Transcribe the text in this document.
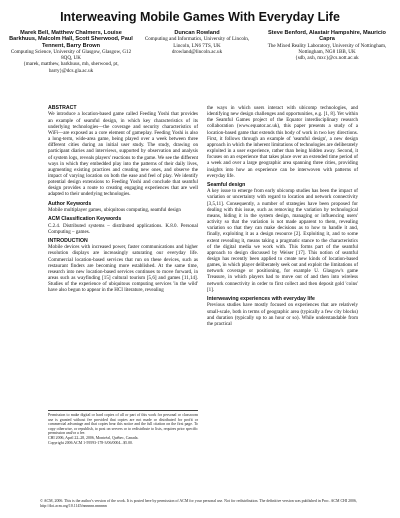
Interweaving Mobile Games With Everyday Life
Marek Bell, Matthew Chalmers, Louise Barkhuus, Malcolm Hall, Scott Sherwood, Paul Tennent, Barry Brown
Computing Science, University of Glasgow, Glasgow, G12 8QQ, UK
{marek, matthew, barkhuus, mh, sherwood, pt, barry}@dcs.gla.ac.uk
Duncan Rowland
Computing and Informatics, University of Lincoln, Lincoln, LN6 7TS, UK
drowland@lincoln.ac.uk
Steve Benford, Alastair Hampshire, Mauricio Capra
The Mixed Reality Laboratory, University of Nottingham, Nottingham, NG8 1BB, UK
{sdb, axh, mxc}@cs.nott.ac.uk
ABSTRACT

We introduce a location-based game called Feeding Yoshi that provides an example of seamful design, in which key characteristics of its underlying technologies—the coverage and security characteristics of WiFi—are exposed as a core element of gameplay. Feeding Yoshi is also a long-term, wide-area game, being played over a week between three different cities during an initial user study. The study, drawing on participant diaries and interviews, supported by observation and analysis of system logs, reveals players' reactions to the game. We see the different ways in which they embedded play into the patterns of their daily lives, augmenting existing practices and creating new ones, and observe the impact of varying location on both the ease and feel of play. We identify potential design extensions to Feeding Yoshi and conclude that seamful design provides a route to creating engaging experiences that are well adapted to their underlying technologies.

Author Keywords

Mobile multiplayer games, ubiquitous computing, seamful design

ACM Classification Keywords

C.2.4. Distributed systems – distributed applications. K.8.0. Personal Computing – games.

INTRODUCTION

Mobile devices with increased power, faster communications and higher resolution displays are increasingly saturating our everyday life. Commercial location-based services that run on these devices, such as restaurant finders are becoming more established. At the same time, research into new location-based services continues to move forward, in areas such as wayfinding [15] cultural tourism [5,6] and games [11,14]. Studies of the experience of ubiquitous computing services 'in the wild' have also begun to appear in the HCI literature, revealing

Permission to make digital or hard copies of all or part of this work for personal or classroom use is granted without fee provided that copies are not made or distributed for profit or commercial advantage and that copies bear this notice and the full citation on the first page. To copy otherwise, or republish, to post on servers or to redistribute to lists, requires prior specific permission and/or a fee.

CHI 2006, April 22–28, 2006, Montréal, Québec, Canada.

Copyright 2006 ACM 1-59593-178-3/06/0004...$5.00.

the ways in which users interact with ubicomp technologies, and identifying new design challenges and opportunities, e.g. [1, 8]. Yet within the Seamful Games project of the Equator interdisciplinary research collaboration (www.equator.ac.uk), this paper presents a study of a location-based game that extends this body of work in two key directions. First, it follows through an example of 'seamful design', a new design approach in which the inherent limitations of technologies are deliberately exploited in a user experience, rather than being hidden away. Second, it focuses on an experience that takes place over an extended time period of a week and over a large geographic area spanning three cities, providing insights into how an experience can be interwoven with patterns of everyday life.

Seamful design

A key issue to emerge from early ubicomp studies has been the impact of variation or uncertainty with regard to location and network connectivity [3,5,11]. Consequently, a number of strategies have been proposed for dealing with this issue, such as removing the variation by technological means, hiding it in the system design, managing or influencing users' activity so that the variation is not made apparent to them, revealing variation so that they can make decisions as to how to handle it and, finally, exploiting it as a design resource [2]. Exploiting it, and to some extent revealing it, means taking a pragmatic stance to the characteristics of the digital media we work with. This forms part of the seamful approach to design discussed by Weiser [17]. This notion of seamful design has recently been applied to create new kinds of location-based games, in which player deliberately seek out and exploit the limitations of network coverage or positioning, for example U. Glasgow's game Treasure, in which players had to move out of and then into wireless network connectivity in order to first collect and then deposit gold 'coins' [1].

Interweaving experiences with everyday life

Previous studies have mostly focused on experiences that are relatively small-scale, both in terms of geographic area (typically a few city blocks) and duration (typically up to an hour or so). While understandable from the practical

© ACM, 2006. This is the author's version of the work. It is posted here by permission of ACM for your personal use. Not for redistribution. The definitive version was published in Proc. ACM CHI 2006, http://doi.acm.org/10.1145/nnnnnn.nnnnnn
